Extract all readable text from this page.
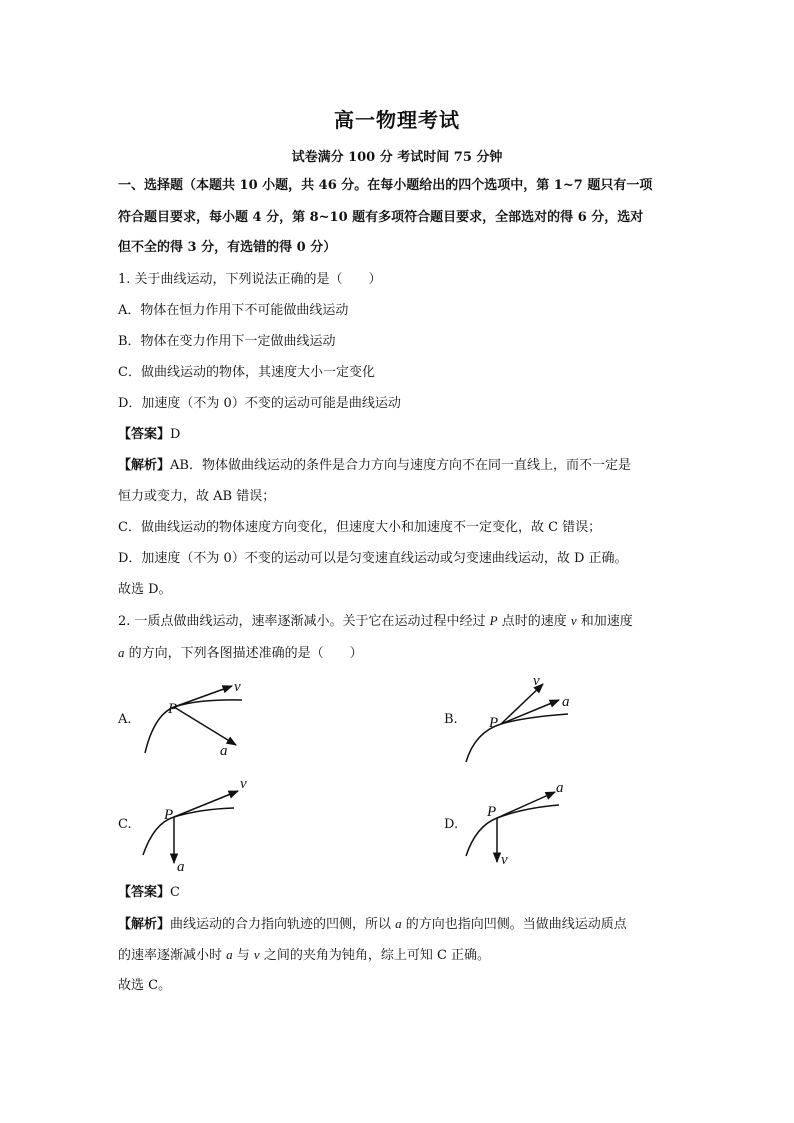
高一物理考试
试卷满分 100 分 考试时间 75 分钟
一、选择题（本题共 10 小题，共 46 分。在每小题给出的四个选项中，第 1~7 题只有一项
符合题目要求，每小题 4 分，第 8~10 题有多项符合题目要求，全部选对的得 6 分，选对
但不全的得 3 分，有选错的得 0 分）
1. 关于曲线运动，下列说法正确的是（　　）
A．物体在恒力作用下不可能做曲线运动
B．物体在变力作用下一定做曲线运动
C．做曲线运动的物体，其速度大小一定变化
D．加速度（不为 0）不变的运动可能是曲线运动
【答案】D
【解析】AB．物体做曲线运动的条件是合力方向与速度方向不在同一直线上，而不一定是
恒力或变力，故 AB 错误；
C．做曲线运动的物体速度方向变化，但速度大小和加速度不一定变化，故 C 错误；
D．加速度（不为 0）不变的运动可以是匀变速直线运动或匀变速曲线运动，故 D 正确。
故选 D。
2. 一质点做曲线运动，速率逐渐减小。关于它在运动过程中经过 P 点时的速度 v 和加速度
a 的方向，下列各图描述准确的是（　　）
A.	B.
C.	D.
P
v
a
P
v
a
P
v
a
P
a
v
【答案】C
【解析】曲线运动的合力指向轨迹的凹侧，所以 a 的方向也指向凹侧。当做曲线运动质点
的速率逐渐减小时 a 与 v 之间的夹角为钝角，综上可知 C 正确。
故选 C。
